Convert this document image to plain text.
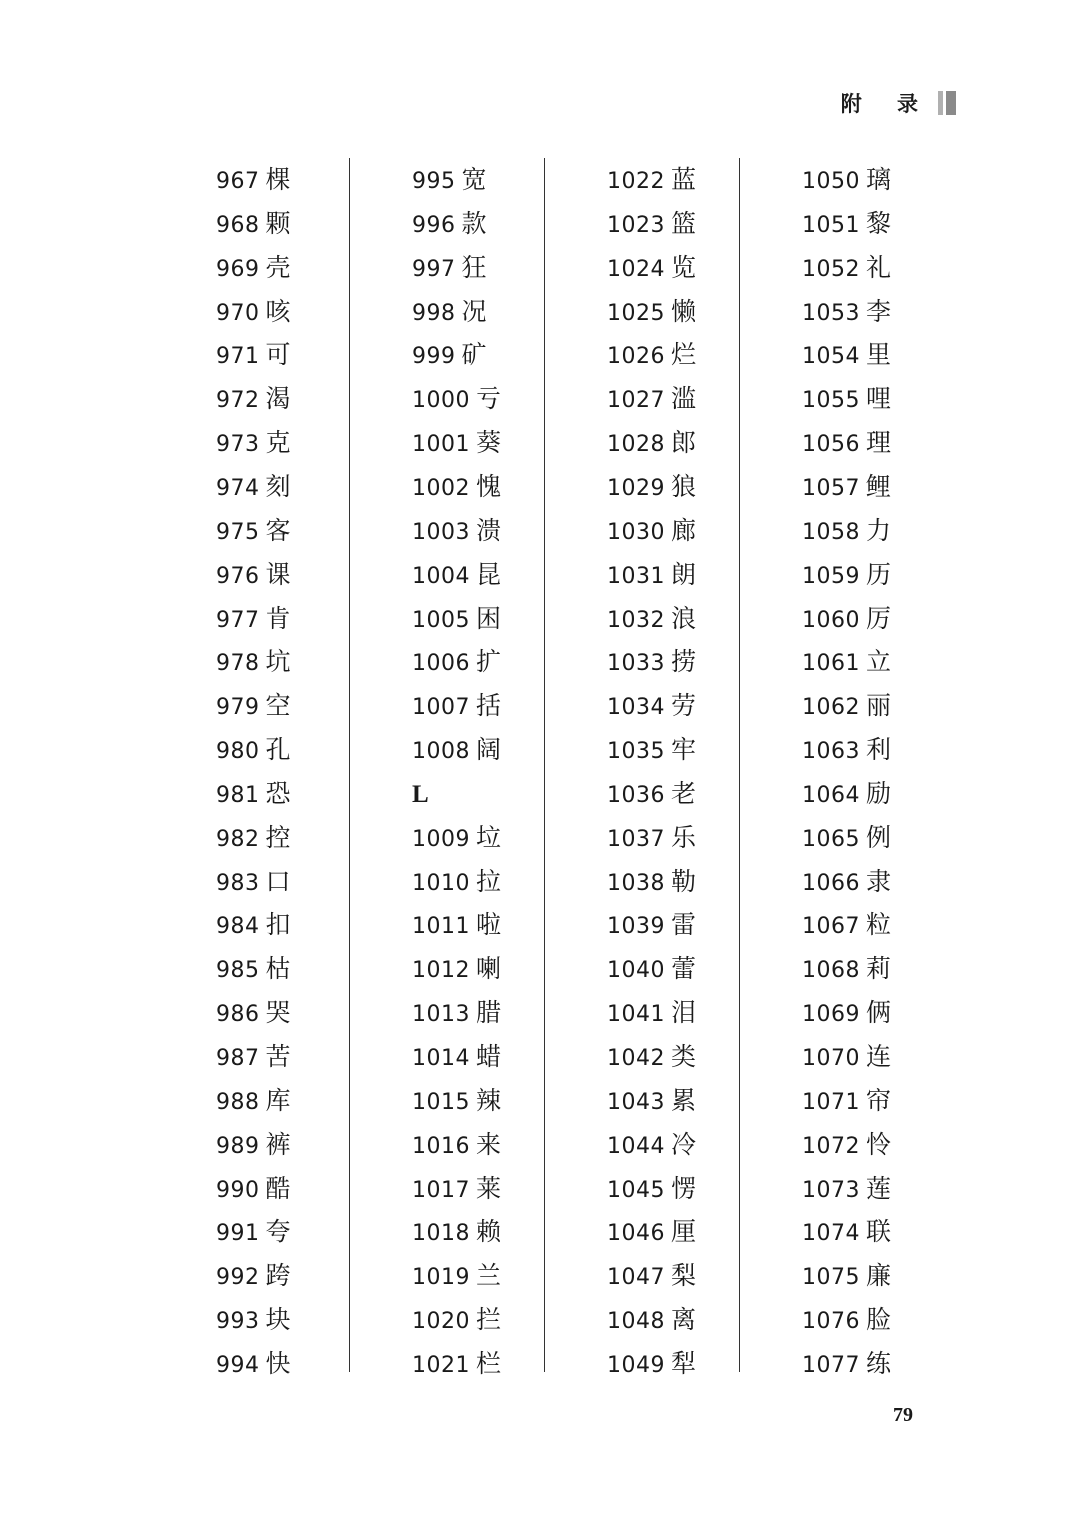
附 录
967 棵
968 颗
969 壳
970 咳
971 可
972 渴
973 克
974 刻
975 客
976 课
977 肯
978 坑
979 空
980 孔
981 恐
982 控
983 口
984 扣
985 枯
986 哭
987 苦
988 库
989 裤
990 酷
991 夸
992 跨
993 块
994 快
995 宽
996 款
997 狂
998 况
999 矿
1000 亏
1001 葵
1002 愧
1003 溃
1004 昆
1005 困
1006 扩
1007 括
1008 阔
L
1009 垃
1010 拉
1011 啦
1012 喇
1013 腊
1014 蜡
1015 辣
1016 来
1017 莱
1018 赖
1019 兰
1020 拦
1021 栏
1022 蓝
1023 篮
1024 览
1025 懒
1026 烂
1027 滥
1028 郎
1029 狼
1030 廊
1031 朗
1032 浪
1033 捞
1034 劳
1035 牢
1036 老
1037 乐
1038 勒
1039 雷
1040 蕾
1041 泪
1042 类
1043 累
1044 冷
1045 愣
1046 厘
1047 梨
1048 离
1049 犁
1050 璃
1051 黎
1052 礼
1053 李
1054 里
1055 哩
1056 理
1057 鲤
1058 力
1059 历
1060 厉
1061 立
1062 丽
1063 利
1064 励
1065 例
1066 隶
1067 粒
1068 莉
1069 俩
1070 连
1071 帘
1072 怜
1073 莲
1074 联
1075 廉
1076 脸
1077 练
79
